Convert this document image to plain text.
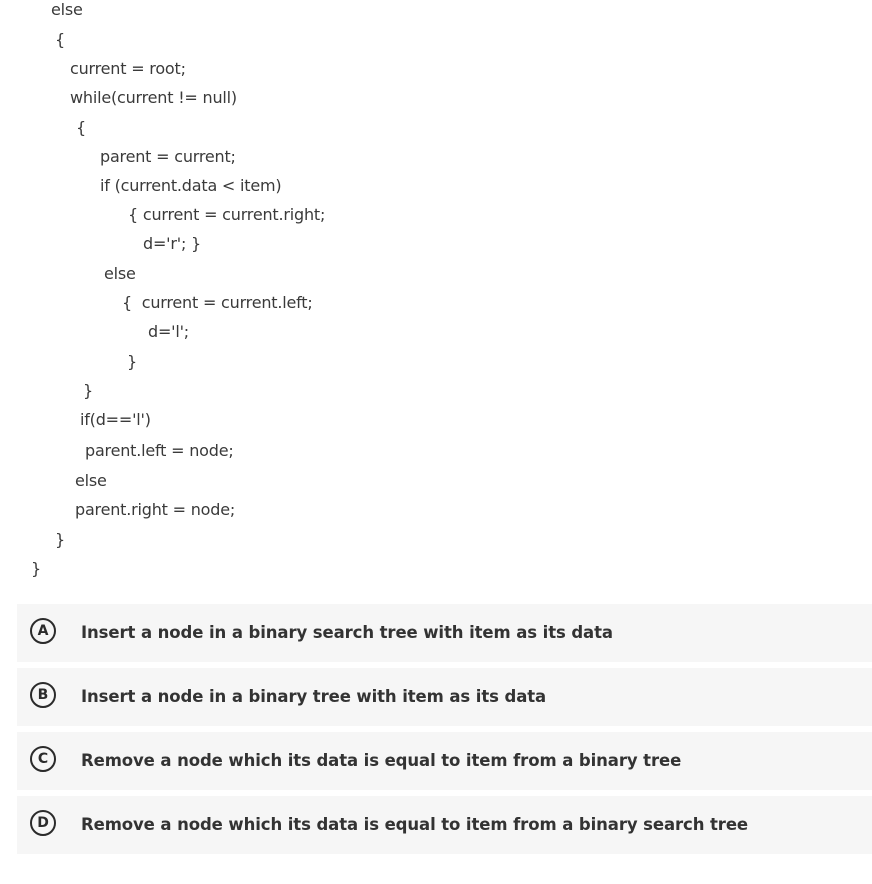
else
{
current = root;
while(current != null)
{
parent = current;
if (current.data < item)
{ current = current.right;
d='r'; }
else
{  current = current.left;
d='l';
}
}
if(d=='l')
parent.left = node;
else
parent.right = node;
}
}
A	Insert a node in a binary search tree with item as its data
B	Insert a node in a binary tree with item as its data
C	Remove a node which its data is equal to item from a binary tree
D	Remove a node which its data is equal to item from a binary search tree
